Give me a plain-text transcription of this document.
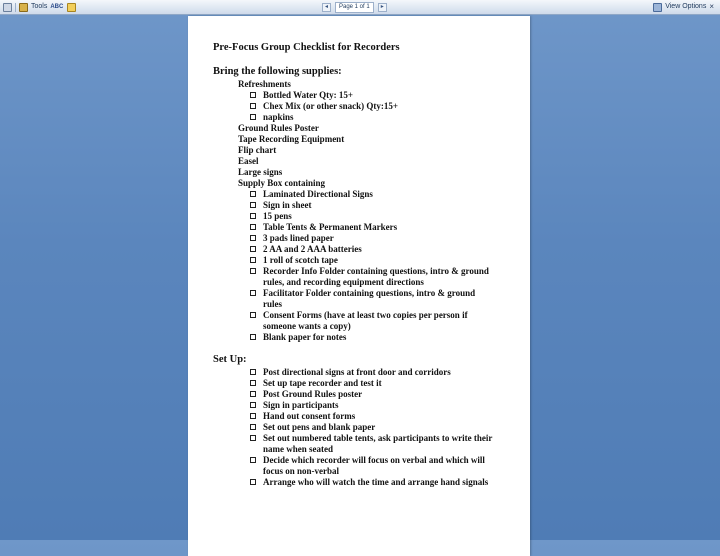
Tools ABC	◂	Page 1 of 1	▸	View Options ×
Pre-Focus Group Checklist for Recorders
Bring the following supplies:
Refreshments
Bottled Water Qty: 15+
Chex Mix (or other snack) Qty:15+
napkins
Ground Rules Poster
Tape Recording Equipment
Flip chart
Easel
Large signs
Supply Box containing
Laminated Directional Signs
Sign in sheet
15 pens
Table Tents & Permanent Markers
3 pads lined paper
2 AA and 2 AAA batteries
1 roll of scotch tape
Recorder Info Folder containing questions, intro & ground
rules, and recording equipment directions
Facilitator Folder containing questions, intro & ground
rules
Consent Forms (have at least two copies per person if
someone wants a copy)
Blank paper for notes
Set Up:
Post directional signs at front door and corridors
Set up tape recorder and test it
Post Ground Rules poster
Sign in participants
Hand out consent forms
Set out pens and blank paper
Set out numbered table tents, ask participants to write their
name when seated
Decide which recorder will focus on verbal and which will
focus on non-verbal
Arrange who will watch the time and arrange hand signals
